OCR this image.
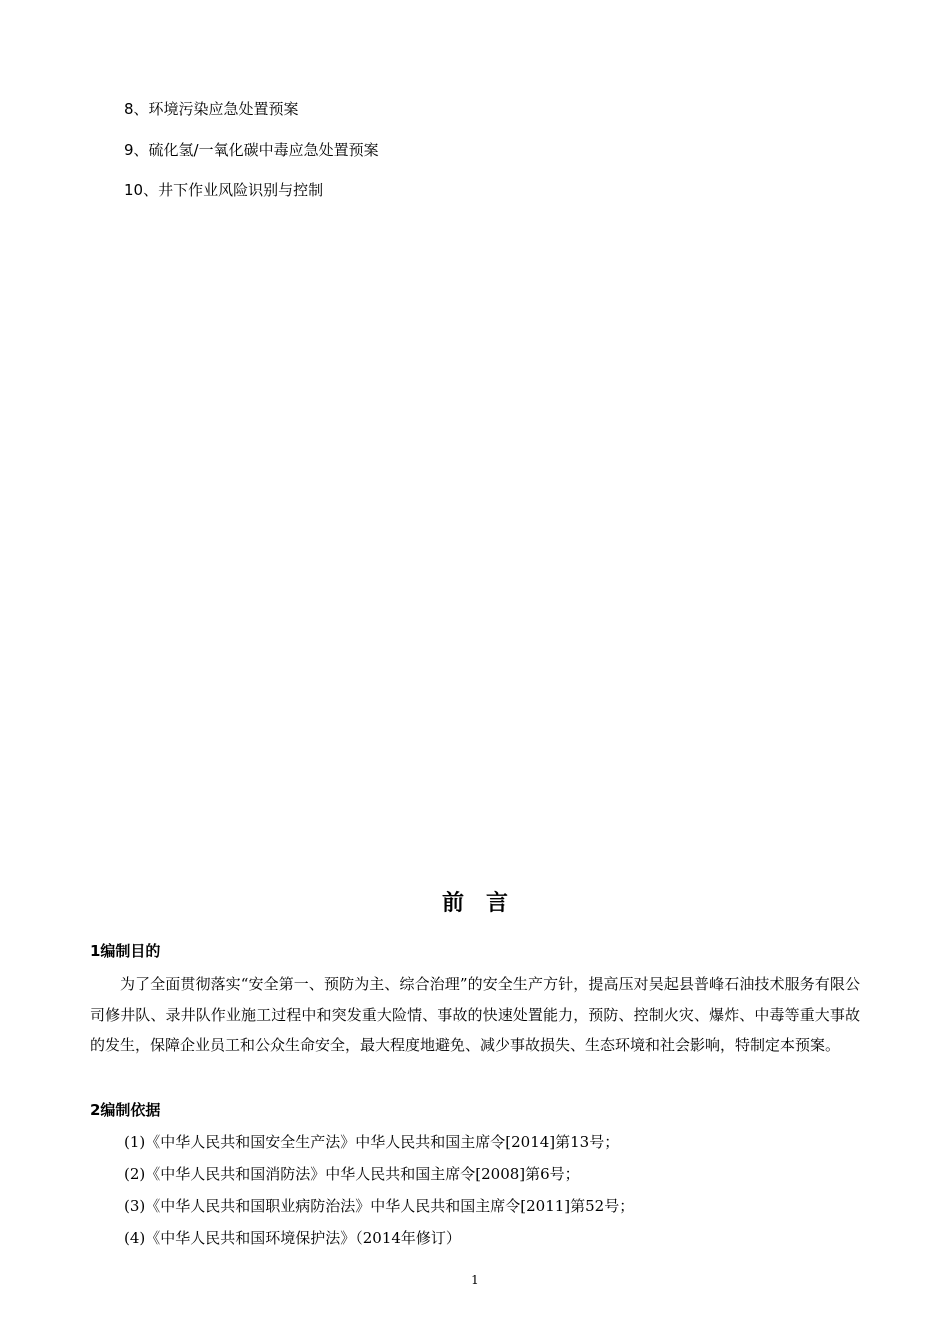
8、环境污染应急处置预案
9、硫化氢/一氧化碳中毒应急处置预案
10、井下作业风险识别与控制
前言
1编制目的
为了全面贯彻落实“安全第一、预防为主、综合治理”的安全生产方针，提高压对吴起县普峰石油技术服务有限公司修井队、录井队作业施工过程中和突发重大险情、事故的快速处置能力，预防、控制火灾、爆炸、中毒等重大事故的发生，保障企业员工和公众生命安全，最大程度地避免、减少事故损失、生态环境和社会影响，特制定本预案。
2编制依据
(1)《中华人民共和国安全生产法》中华人民共和国主席令[2014]第13号；
(2)《中华人民共和国消防法》中华人民共和国主席令[2008]第6号；
(3)《中华人民共和国职业病防治法》中华人民共和国主席令[2011]第52号；
(4)《中华人民共和国环境保护法》（2014年修订）
1
